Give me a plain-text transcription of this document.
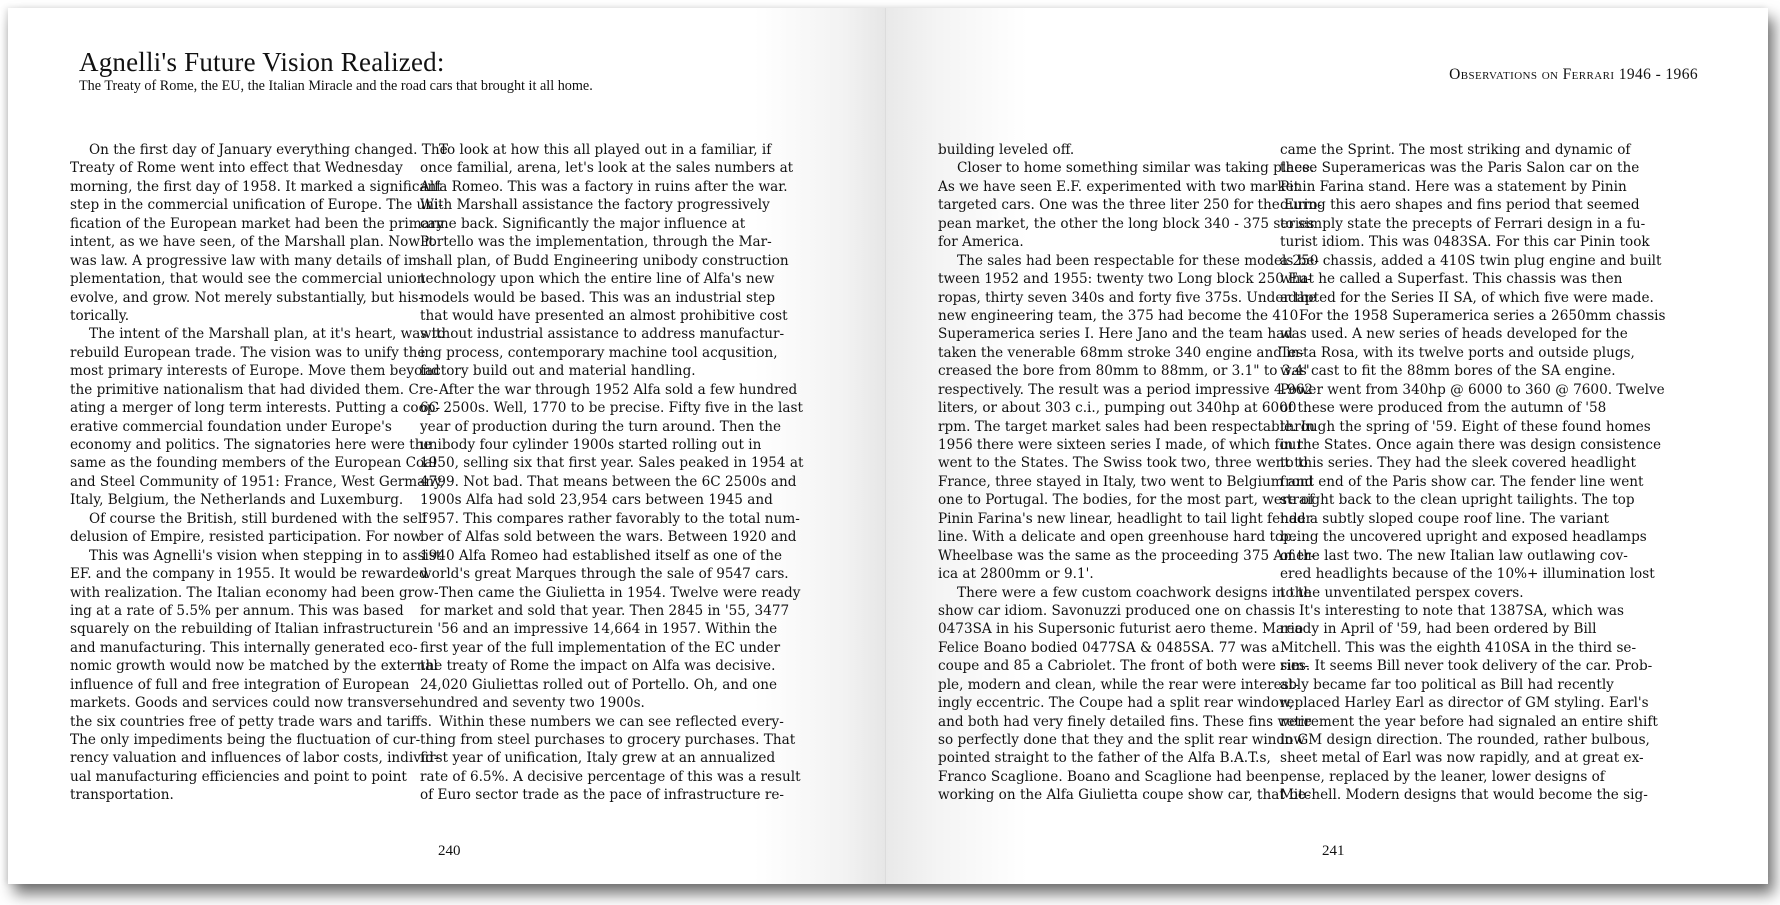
Agnelli's Future Vision Realized:
The Treaty of Rome, the EU, the Italian Miracle and the road cars that brought it all home.
On the first day of January everything changed. The
Treaty of Rome went into effect that Wednesday
morning, the first day of 1958. It marked a significant
step in the commercial unification of Europe. The uni-
fication of the European market had been the primary
intent, as we have seen, of the Marshall plan. Now it
was law. A progressive law with many details of im-
plementation, that would see the commercial union
evolve, and grow. Not merely substantially, but his-
torically.
The intent of the Marshall plan, at it's heart, was to
rebuild European trade. The vision was to unify the
most primary interests of Europe. Move them beyond
the primitive nationalism that had divided them. Cre-
ating a merger of long term interests. Putting a coop-
erative commercial foundation under Europe's
economy and politics. The signatories here were the
same as the founding members of the European Coal
and Steel Community of 1951: France, West Germany,
Italy, Belgium, the Netherlands and Luxemburg.
Of course the British, still burdened with the self
delusion of Empire, resisted participation. For now.
This was Agnelli's vision when stepping in to assist
EF. and the company in 1955. It would be rewarded
with realization. The Italian economy had been grow-
ing at a rate of 5.5% per annum. This was based
squarely on the rebuilding of Italian infrastructure
and manufacturing. This internally generated eco-
nomic growth would now be matched by the external
influence of full and free integration of European
markets. Goods and services could now transverse
the six countries free of petty trade wars and tariffs.
The only impediments being the fluctuation of cur-
rency valuation and influences of labor costs, individ-
ual manufacturing efficiencies and point to point
transportation.
To look at how this all played out in a familiar, if
once familial, arena, let's look at the sales numbers at
Alfa Romeo. This was a factory in ruins after the war.
With Marshall assistance the factory progressively
came back. Significantly the major influence at
Portello was the implementation, through the Mar-
shall plan, of Budd Engineering unibody construction
technology upon which the entire line of Alfa's new
models would be based. This was an industrial step
that would have presented an almost prohibitive cost
without industrial assistance to address manufactur-
ing process, contemporary machine tool acqusition,
factory build out and material handling.
After the war through 1952 Alfa sold a few hundred
6C 2500s. Well, 1770 to be precise. Fifty five in the last
year of production during the turn around. Then the
unibody four cylinder 1900s started rolling out in
1950, selling six that first year. Sales peaked in 1954 at
4799. Not bad. That means between the 6C 2500s and
1900s Alfa had sold 23,954 cars between 1945 and
1957. This compares rather favorably to the total num-
ber of Alfas sold between the wars. Between 1920 and
1940 Alfa Romeo had established itself as one of the
world's great Marques through the sale of 9547 cars.
Then came the Giulietta in 1954. Twelve were ready
for market and sold that year. Then 2845 in '55, 3477
in '56 and an impressive 14,664 in 1957. Within the
first year of the full implementation of the EC under
the treaty of Rome the impact on Alfa was decisive.
24,020 Giuliettas rolled out of Portello. Oh, and one
hundred and seventy two 1900s.
Within these numbers we can see reflected every-
thing from steel purchases to grocery purchases. That
first year of unification, Italy grew at an annualized
rate of 6.5%. A decisive percentage of this was a result
of Euro sector trade as the pace of infrastructure re-
240
Observations on Ferrari 1946 - 1966
building leveled off.
Closer to home something similar was taking place.
As we have seen E.F. experimented with two market
targeted cars. One was the three liter 250 for the Euro-
pean market, the other the long block 340 - 375 series
for America.
The sales had been respectable for these models be-
tween 1952 and 1955: twenty two Long block 250 Eu-
ropas, thirty seven 340s and forty five 375s. Under the
new engineering team, the 375 had become the 410
Superamerica series I. Here Jano and the team had
taken the venerable 68mm stroke 340 engine and in-
creased the bore from 80mm to 88mm, or 3.1" to 3.4"
respectively. The result was a period impressive 4.962
liters, or about 303 c.i., pumping out 340hp at 6000
rpm. The target market sales had been respectable. In
1956 there were sixteen series I made, of which four
went to the States. The Swiss took two, three went to
France, three stayed in Italy, two went to Belgium and
one to Portugal. The bodies, for the most part, were of
Pinin Farina's new linear, headlight to tail light fender
line. With a delicate and open greenhouse hard top.
Wheelbase was the same as the proceeding 375 Amer-
ica at 2800mm or 9.1'.
There were a few custom coachwork designs in the
show car idiom. Savonuzzi produced one on chassis
0473SA in his Supersonic futurist aero theme. Mario
Felice Boano bodied 0477SA & 0485SA. 77 was a
coupe and 85 a Cabriolet. The front of both were sim-
ple, modern and clean, while the rear were interest-
ingly eccentric. The Coupe had a split rear window,
and both had very finely detailed fins. These fins were
so perfectly done that they and the split rear window
pointed straight to the father of the Alfa B.A.T.s,
Franco Scaglione. Boano and Scaglione had been
working on the Alfa Giulietta coupe show car, that be-
came the Sprint. The most striking and dynamic of
these Superamericas was the Paris Salon car on the
Pinin Farina stand. Here was a statement by Pinin
during this aero shapes and fins period that seemed
to simply state the precepts of Ferrari design in a fu-
turist idiom. This was 0483SA. For this car Pinin took
a 250 chassis, added a 410S twin plug engine and built
what he called a Superfast. This chassis was then
adapted for the Series II SA, of which five were made.
For the 1958 Superamerica series a 2650mm chassis
was used. A new series of heads developed for the
Testa Rosa, with its twelve ports and outside plugs,
was cast to fit the 88mm bores of the SA engine.
Power went from 340hp @ 6000 to 360 @ 7600. Twelve
of these were produced from the autumn of '58
through the spring of '59. Eight of these found homes
in the States. Once again there was design consistence
to this series. They had the sleek covered headlight
front end of the Paris show car. The fender line went
straight back to the clean upright tailights. The top
had a subtly sloped coupe roof line. The variant
being the uncovered upright and exposed headlamps
of the last two. The new Italian law outlawing cov-
ered headlights because of the 10%+ illumination lost
to the unventilated perspex covers.
It's interesting to note that 1387SA, which was
ready in April of '59, had been ordered by Bill
Mitchell. This was the eighth 410SA in the third se-
ries. It seems Bill never took delivery of the car. Prob-
ably became far too political as Bill had recently
replaced Harley Earl as director of GM styling. Earl's
retirement the year before had signaled an entire shift
in GM design direction. The rounded, rather bulbous,
sheet metal of Earl was now rapidly, and at great ex-
pense, replaced by the leaner, lower designs of
Mitchell. Modern designs that would become the sig-
241
